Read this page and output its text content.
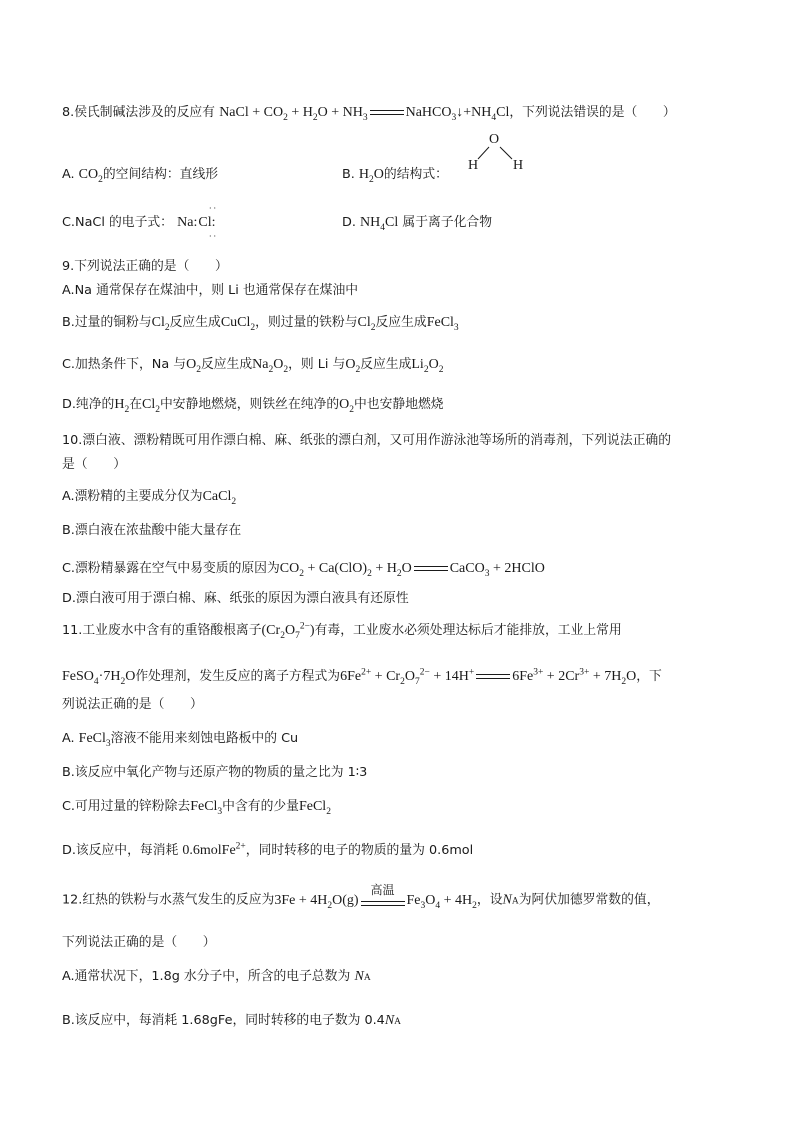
8.侯氏制碱法涉及的反应有 NaCl + $CO_2 + H_2O + NH_3$	$NaHCO_3↓+NH_4Cl$，下列说法错误的是（　　）
A. $CO_2$的空间结构：直线形	B. $H_2O$的结构式：
O
H H
C.NaCl 的电子式： Na:Cl:
··
··
D. $NH_4Cl$ 属于离子化合物
9.下列说法正确的是（　　）
A.Na 通常保存在煤油中，则 Li 也通常保存在煤油中
B.过量的铜粉与$Cl_2$反应生成CuCl$_2$，则过量的铁粉与$Cl_2$反应生成FeCl$_3$
C.加热条件下，Na 与$O_2$反应生成$Na_2O_2$，则 Li 与$O_2$反应生成$Li_2O_2$
D.纯净的$H_2$在$Cl_2$中安静地燃烧，则铁丝在纯净的$O_2$中也安静地燃烧
10.漂白液、漂粉精既可用作漂白棉、麻、纸张的漂白剂，又可用作游泳池等场所的消毒剂，下列说法正确的
是（　　）
A.漂粉精的主要成分仅为CaCl$_2$
B.漂白液在浓盐酸中能大量存在
C.漂粉精暴露在空气中易变质的原因为$CO_2 + Ca(ClO)_2 + H_2O$	CaCO$_3$ + 2HClO
D.漂白液可用于漂白棉、麻、纸张的原因为漂白液具有还原性
11.工业废水中含有的重铬酸根离子$(Cr_2O_7^{2-})$有毒，工业废水必须处理达标后才能排放，工业上常用
$FeSO_4\cdot 7H_2O$作处理剂，发生反应的离子方程式为$6Fe^{2+} + Cr_2O_7^{2-} + 14H^+$	$6Fe^{3+} + 2Cr^{3+} + 7H_2O$，下
列说法正确的是（　　）
A. FeCl$_3$溶液不能用来刻蚀电路板中的 Cu
B.该反应中氧化产物与还原产物的物质的量之比为 1∶3
C.可用过量的锌粉除去FeCl$_3$中含有的少量FeCl$_2$
D.该反应中，每消耗 0.6molFe$^{2+}$，同时转移的电子的物质的量为 0.6mol
12.红热的铁粉与水蒸气发生的反应为$3Fe + 4H_2O(g)$
高温
$Fe_3O_4 + 4H_2$，设NA为阿伏加德罗常数的值，
下列说法正确的是（　　）
A.通常状况下，1.8g 水分子中，所含的电子总数为 NA
B.该反应中，每消耗 1.68gFe，同时转移的电子数为 0.4NA
